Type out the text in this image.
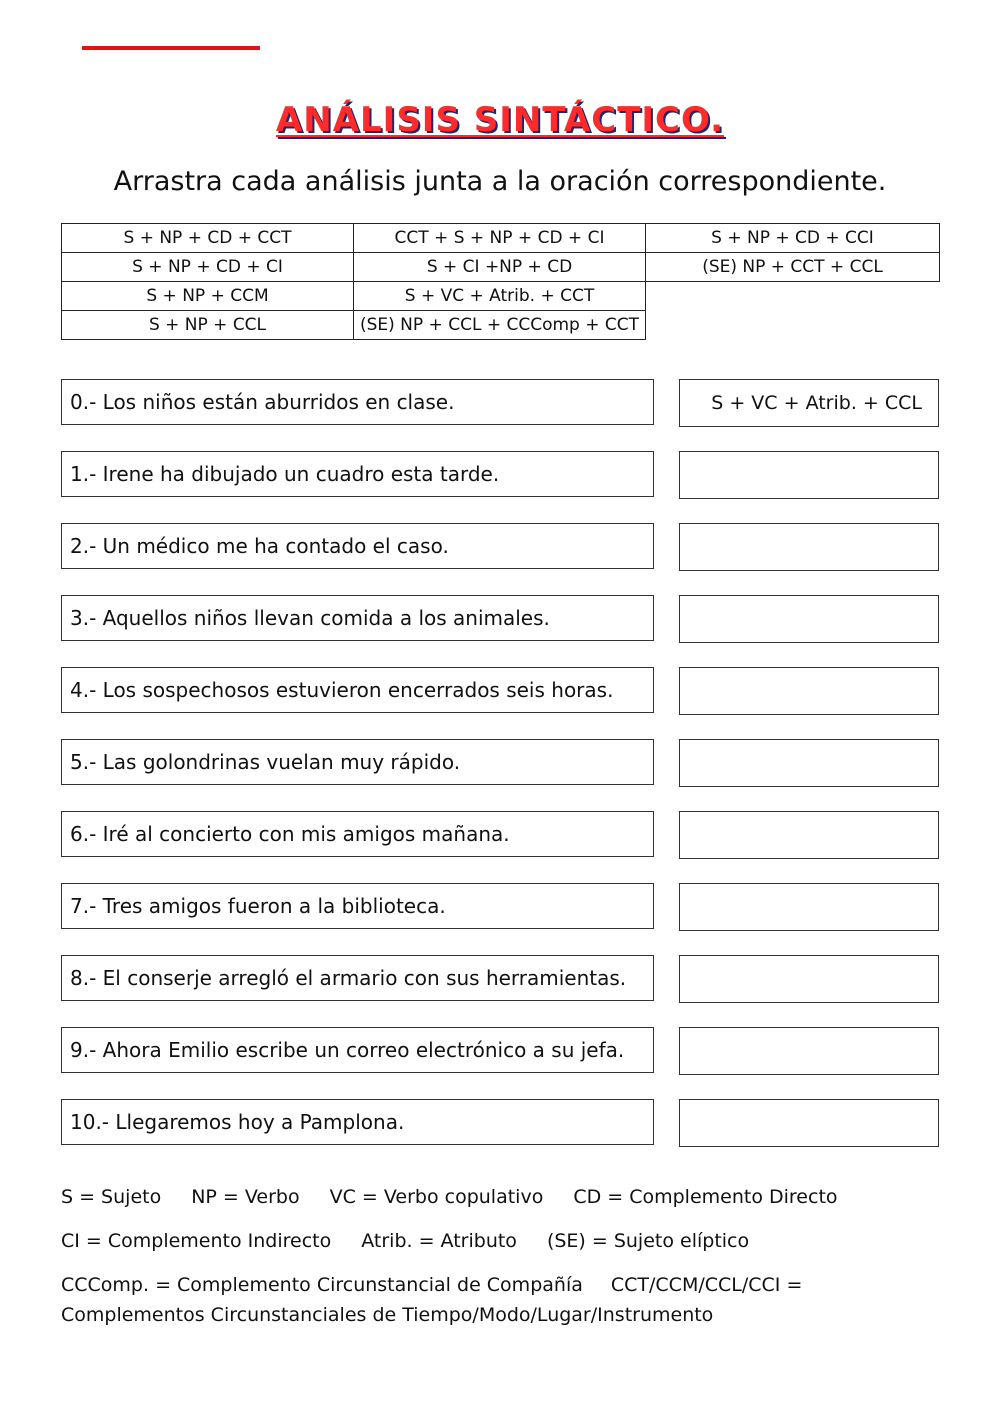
ANÁLISIS SINTÁCTICO.
Arrastra cada análisis junta a la oración correspondiente.
S + NP + CD + CCT	CCT + S + NP + CD + CI	S + NP + CD + CCI
S + NP + CD + CI	S + CI +NP + CD	(SE) NP + CCT + CCL
S + NP + CCM	S + VC + Atrib. + CCT
S + NP + CCL	(SE) NP + CCL + CCComp + CCT
0.- Los niños están aburridos en clase.	S + VC + Atrib. + CCL
1.- Irene ha dibujado un cuadro esta tarde.
2.- Un médico me ha contado el caso.
3.- Aquellos niños llevan comida a los animales.
4.- Los sospechosos estuvieron encerrados seis horas.
5.- Las golondrinas vuelan muy rápido.
6.- Iré al concierto con mis amigos mañana.
7.- Tres amigos fueron a la biblioteca.
8.- El conserje arregló el armario con sus herramientas.
9.- Ahora Emilio escribe un correo electrónico a su jefa.
10.- Llegaremos hoy a Pamplona.
S = Sujeto NP = Verbo VC = Verbo copulativo CD = Complemento Directo
CI = Complemento Indirecto Atrib. = Atributo (SE) = Sujeto elíptico
CCComp. = Complemento Circunstancial de Compañía CCT/CCM/CCL/CCI = Complementos Circunstanciales de Tiempo/Modo/Lugar/Instrumento
